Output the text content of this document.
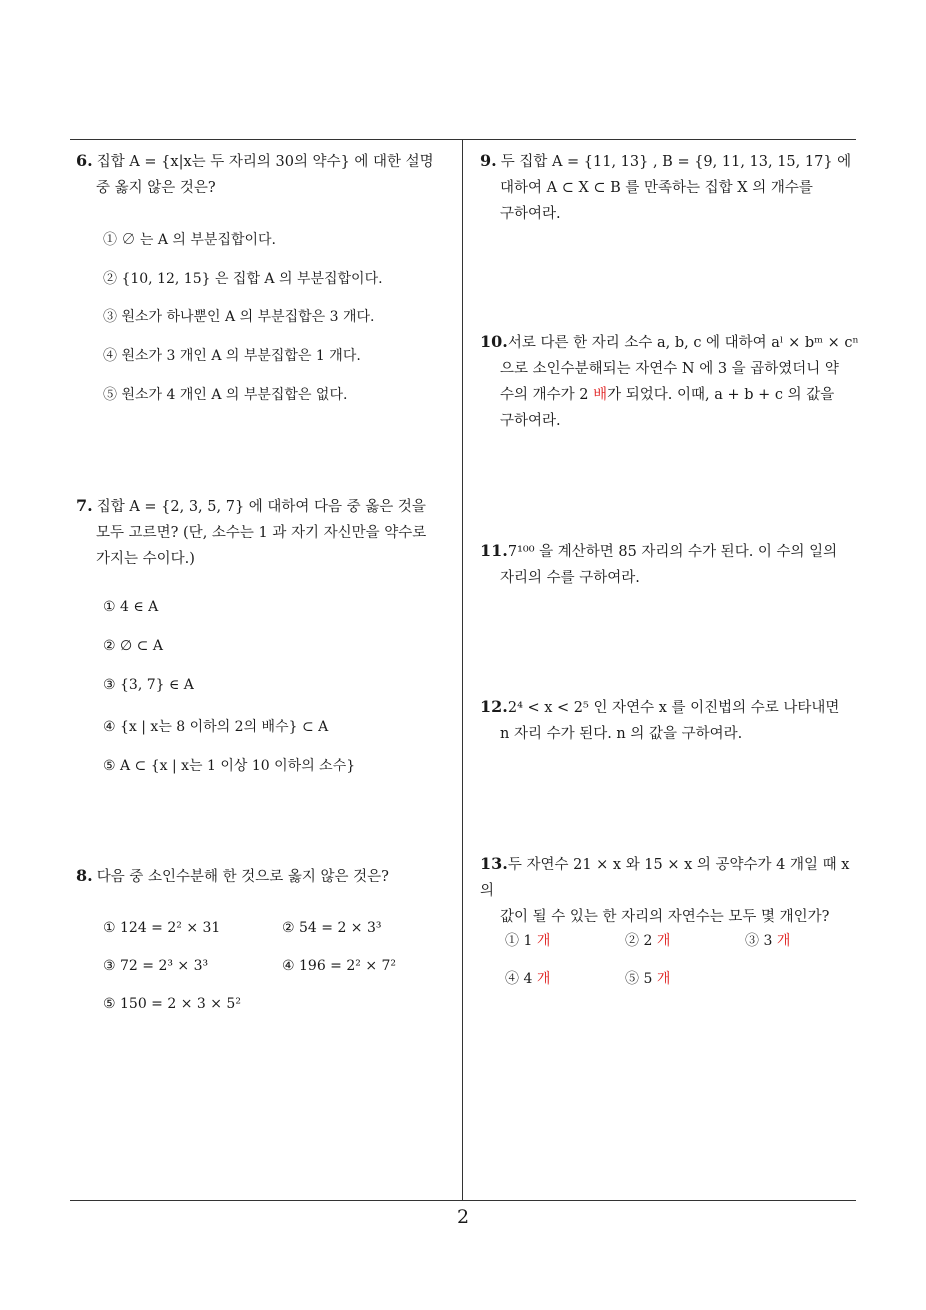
6. 집합 A = {x|x는 두 자리의 30의 약수} 에 대한 설명
중 옳지 않은 것은?
① ∅ 는 A 의 부분집합이다.
② {10, 12, 15} 은 집합 A 의 부분집합이다.
③ 원소가 하나뿐인 A 의 부분집합은 3 개다.
④ 원소가 3 개인 A 의 부분집합은 1 개다.
⑤ 원소가 4 개인 A 의 부분집합은 없다.
7. 집합 A = {2, 3, 5, 7} 에 대하여 다음 중 옳은 것을
모두 고르면? (단, 소수는 1 과 자기 자신만을 약수로
가지는 수이다.)
① 4 ∈ A
② ∅ ⊂ A
③ {3, 7} ∈ A
④ {x | x는 8 이하의 2의 배수} ⊂ A
⑤ A ⊂ {x | x는 1 이상 10 이하의 소수}
8. 다음 중 소인수분해 한 것으로 옳지 않은 것은?
① 124 = 2² × 31	② 54 = 2 × 3³
③ 72 = 2³ × 3³	④ 196 = 2² × 7²
⑤ 150 = 2 × 3 × 5²
9. 두 집합 A = {11, 13} , B = {9, 11, 13, 15, 17} 에
대하여 A ⊂ X ⊂ B 를 만족하는 집합 X 의 개수를
구하여라.
10.서로 다른 한 자리 소수 a, b, c 에 대하여 aˡ × bᵐ × cⁿ
으로 소인수분해되는 자연수 N 에 3 을 곱하였더니 약
수의 개수가 2 배가 되었다. 이때, a + b + c 의 값을
구하여라.
11.7¹⁰⁰ 을 계산하면 85 자리의 수가 된다. 이 수의 일의
자리의 수를 구하여라.
12.2⁴ < x < 2⁵ 인 자연수 x 를 이진법의 수로 나타내면
n 자리 수가 된다. n 의 값을 구하여라.
13.두 자연수 21 × x 와 15 × x 의 공약수가 4 개일 때 x 의
값이 될 수 있는 한 자리의 자연수는 모두 몇 개인가?
① 1 개	② 2 개	③ 3 개
④ 4 개	⑤ 5 개
2
